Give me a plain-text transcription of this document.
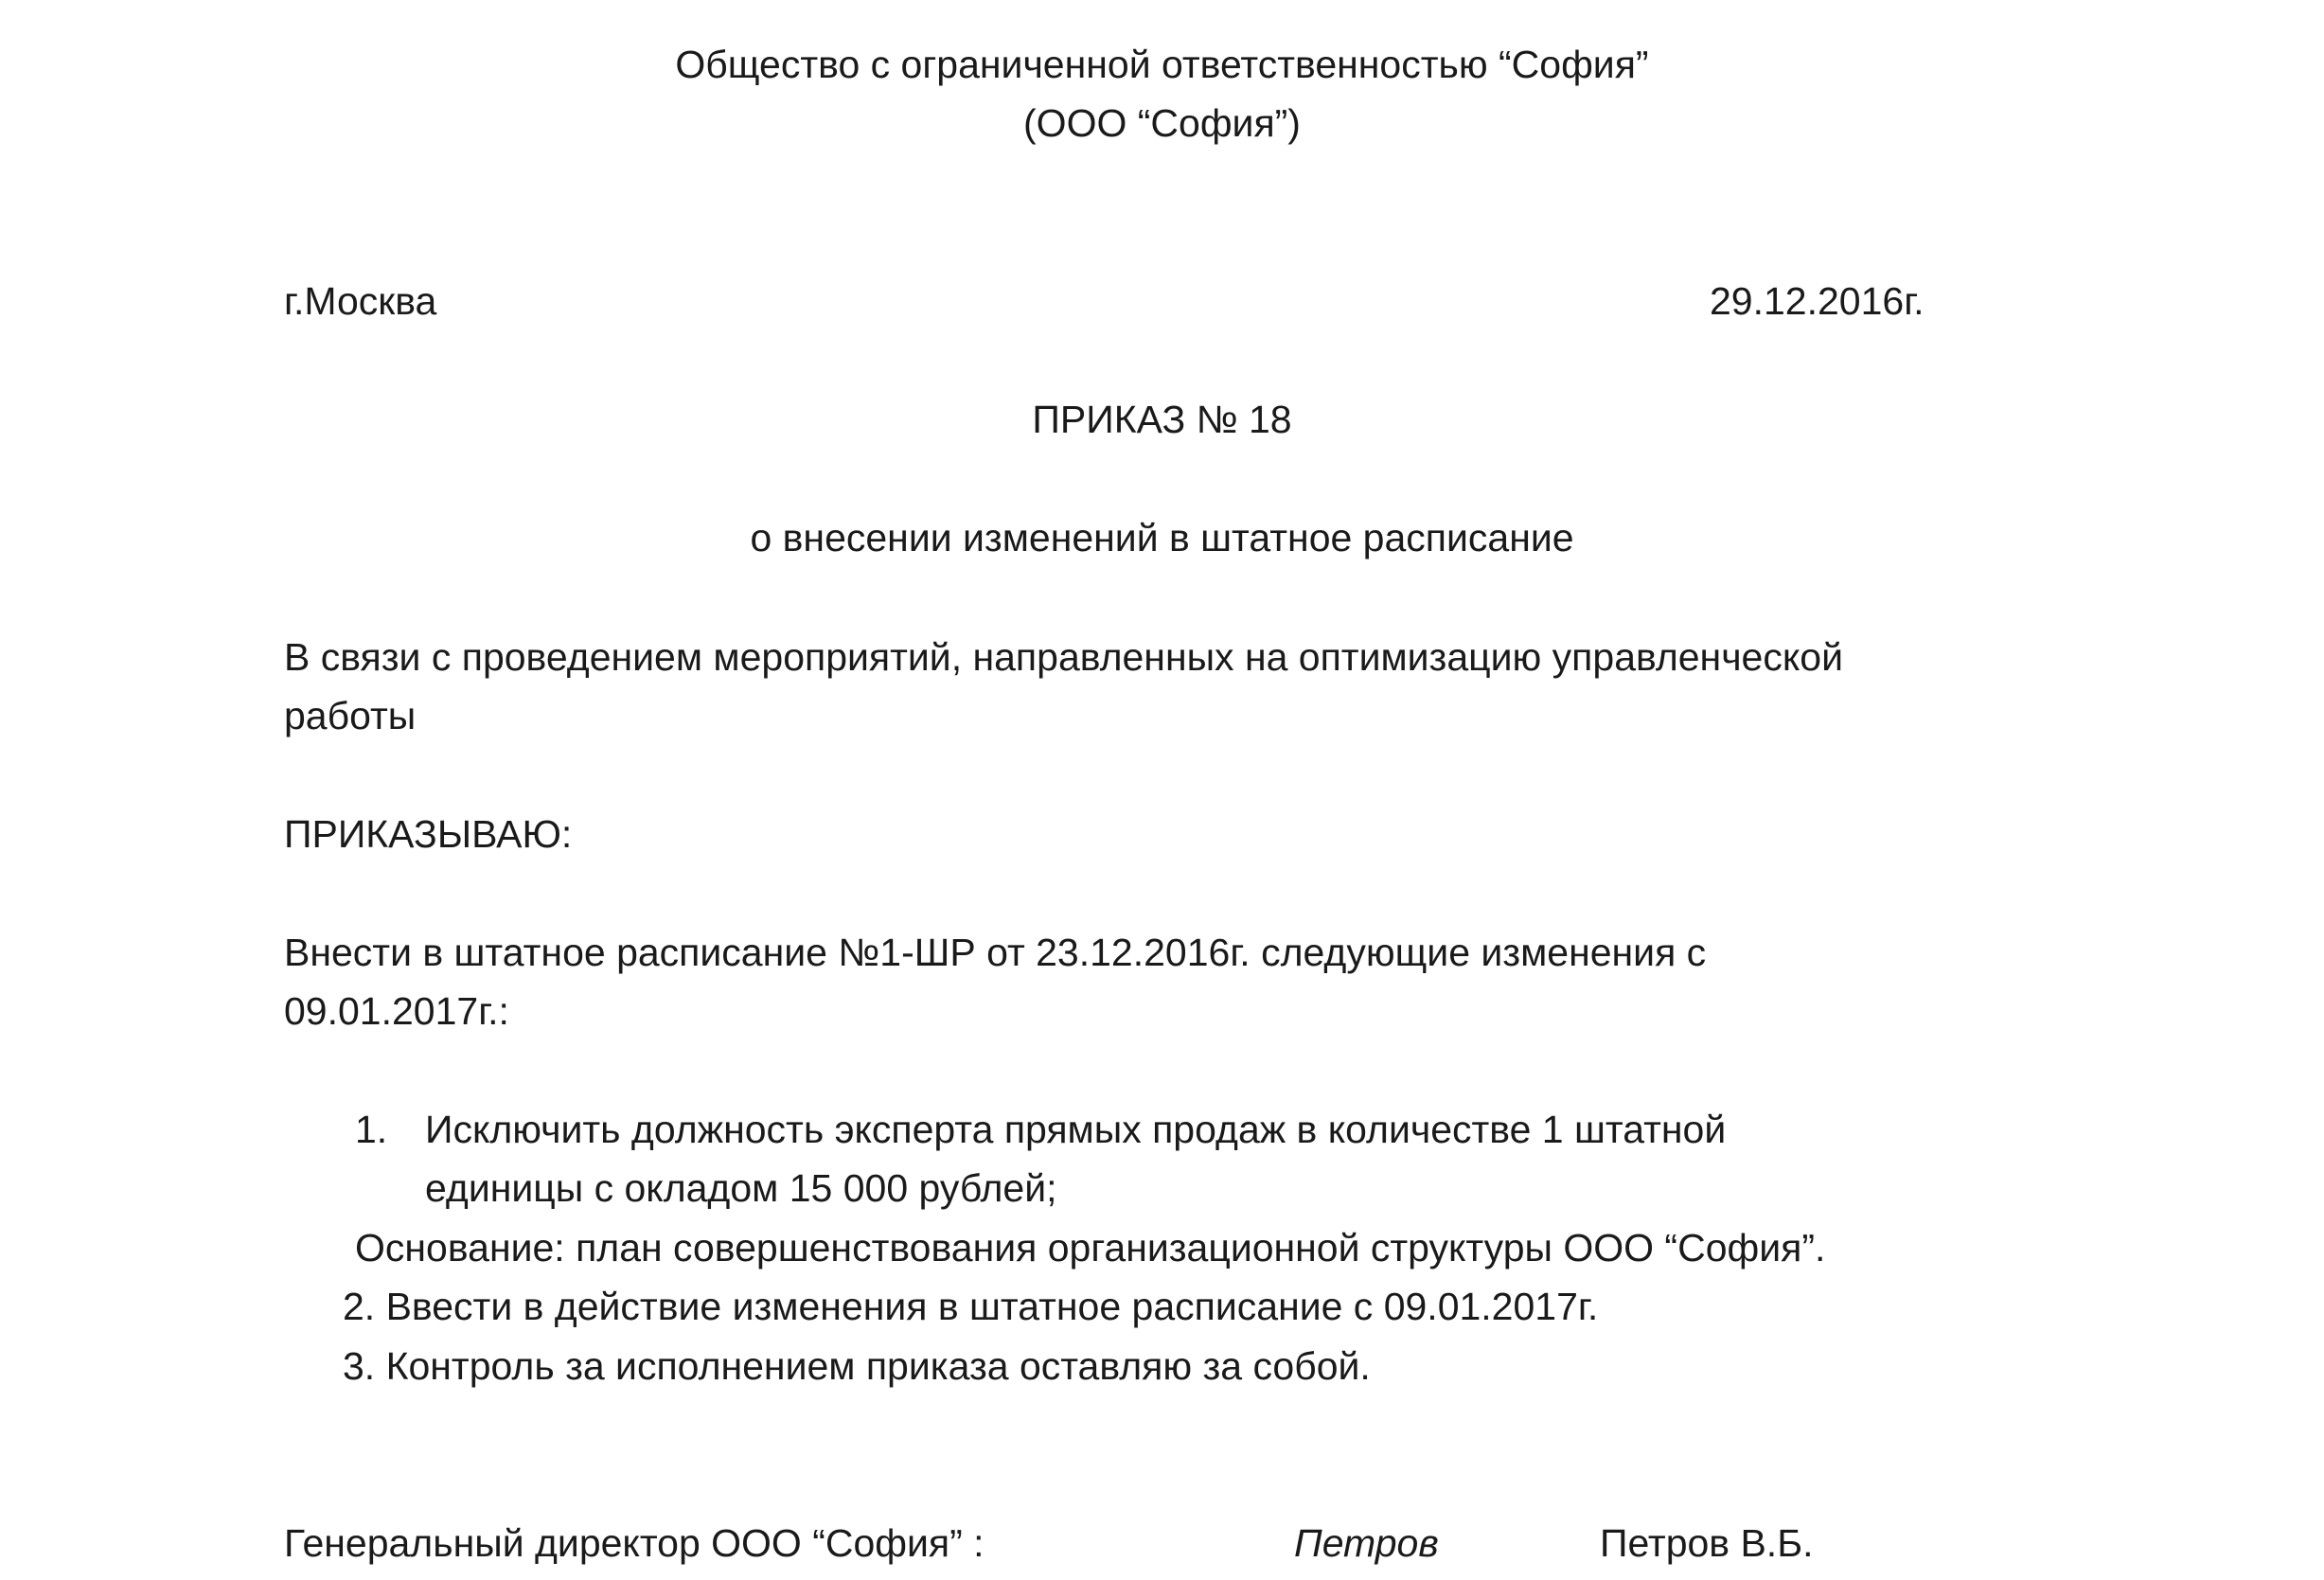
Общество с ограниченной ответственностью “София”
(ООО “София”)
г.Москва	29.12.2016г.
ПРИКАЗ № 18
о внесении изменений в штатное расписание
В связи с проведением мероприятий, направленных на оптимизацию управленческой
работы
ПРИКАЗЫВАЮ:
Внести в штатное расписание №1-ШР от 23.12.2016г. следующие изменения с
09.01.2017г.:
1. Исключить должность эксперта прямых продаж в количестве 1 штатной
единицы с окладом 15 000 рублей;
Основание: план совершенствования организационной структуры ООО “София”.
2. Ввести в действие изменения в штатное расписание с 09.01.2017г.
3. Контроль за исполнением приказа оставляю за собой.
Генеральный директор ООО “София” :	Петров	Петров В.Б.
